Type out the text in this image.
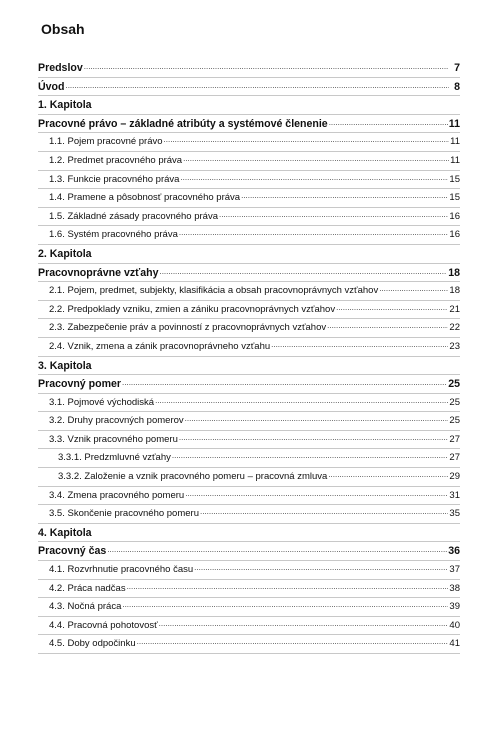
Obsah
Predslov .....	7
Úvod .....	8
1. Kapitola
Pracovné právo – základné atribúty a systémové členenie .....	11
1.1. Pojem pracovné právo .....	11
1.2. Predmet pracovného práva .....	11
1.3. Funkcie pracovného práva .....	15
1.4. Pramene a pôsobnosť pracovného práva .....	15
1.5. Základné zásady pracovného práva .....	16
1.6. Systém pracovného práva .....	16
2. Kapitola
Pracovnoprávne vzťahy .....	18
2.1. Pojem, predmet, subjekty, klasifikácia a obsah pracovnoprávnych vzťahov .....	18
2.2. Predpoklady vzniku, zmien a zániku pracovnoprávnych vzťahov .....	21
2.3. Zabezpečenie práv a povinností z pracovnoprávnych vzťahov .....	22
2.4. Vznik, zmena a zánik pracovnoprávneho vzťahu .....	23
3. Kapitola
Pracovný pomer .....	25
3.1. Pojmové východiská .....	25
3.2. Druhy pracovných pomerov .....	25
3.3. Vznik pracovného pomeru .....	27
3.3.1. Predzmluvné vzťahy .....	27
3.3.2. Založenie a vznik pracovného pomeru – pracovná zmluva .....	29
3.4. Zmena pracovného pomeru .....	31
3.5. Skončenie pracovného pomeru .....	35
4. Kapitola
Pracovný čas .....	36
4.1. Rozvrhnutie pracovného času .....	37
4.2. Práca nadčas .....	38
4.3. Nočná práca .....	39
4.4. Pracovná pohotovosť .....	40
4.5. Doby odpočinku .....	41
